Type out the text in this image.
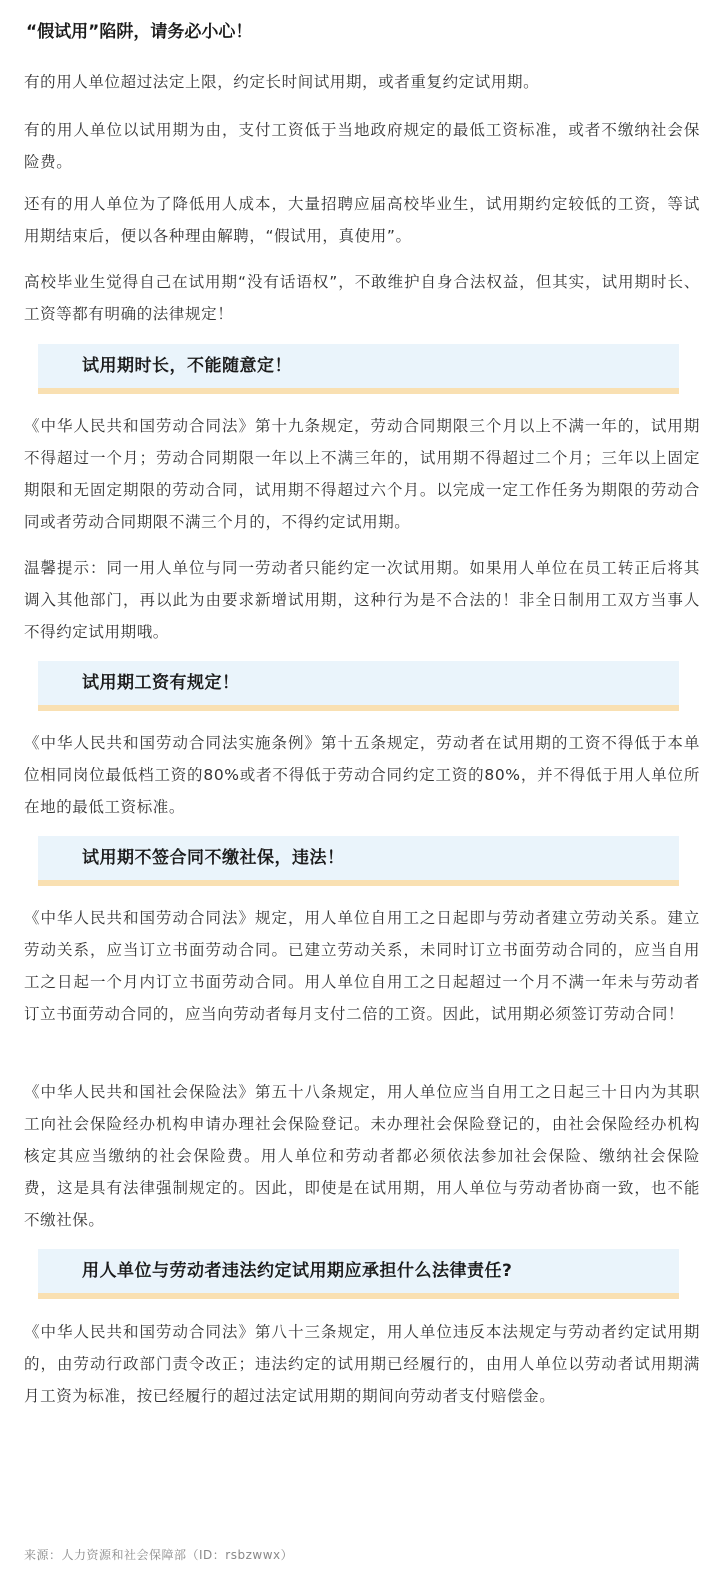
“假试用”陷阱，请务必小心！

有的用人单位超过法定上限，约定长时间试用期，或者重复约定试用期。

有的用人单位以试用期为由，支付工资低于当地政府规定的最低工资标准，或者不缴纳社会保险费。

还有的用人单位为了降低用人成本，大量招聘应届高校毕业生，试用期约定较低的工资，等试用期结束后，便以各种理由解聘，“假试用，真使用”。

高校毕业生觉得自己在试用期“没有话语权”，不敢维护自身合法权益，但其实，试用期时长、工资等都有明确的法律规定！

试用期时长，不能随意定！

《中华人民共和国劳动合同法》第十九条规定，劳动合同期限三个月以上不满一年的，试用期不得超过一个月；劳动合同期限一年以上不满三年的，试用期不得超过二个月；三年以上固定期限和无固定期限的劳动合同，试用期不得超过六个月。以完成一定工作任务为期限的劳动合同或者劳动合同期限不满三个月的，不得约定试用期。

温馨提示：同一用人单位与同一劳动者只能约定一次试用期。如果用人单位在员工转正后将其调入其他部门，再以此为由要求新增试用期，这种行为是不合法的！非全日制用工双方当事人不得约定试用期哦。

试用期工资有规定！

《中华人民共和国劳动合同法实施条例》第十五条规定，劳动者在试用期的工资不得低于本单位相同岗位最低档工资的80%或者不得低于劳动合同约定工资的80%，并不得低于用人单位所在地的最低工资标准。

试用期不签合同不缴社保，违法！

《中华人民共和国劳动合同法》规定，用人单位自用工之日起即与劳动者建立劳动关系。建立劳动关系，应当订立书面劳动合同。已建立劳动关系，未同时订立书面劳动合同的，应当自用工之日起一个月内订立书面劳动合同。用人单位自用工之日起超过一个月不满一年未与劳动者订立书面劳动合同的，应当向劳动者每月支付二倍的工资。因此，试用期必须签订劳动合同！

《中华人民共和国社会保险法》第五十八条规定，用人单位应当自用工之日起三十日内为其职工向社会保险经办机构申请办理社会保险登记。未办理社会保险登记的，由社会保险经办机构核定其应当缴纳的社会保险费。用人单位和劳动者都必须依法参加社会保险、缴纳社会保险费，这是具有法律强制规定的。因此，即使是在试用期，用人单位与劳动者协商一致，也不能不缴社保。

用人单位与劳动者违法约定试用期应承担什么法律责任?

《中华人民共和国劳动合同法》第八十三条规定，用人单位违反本法规定与劳动者约定试用期的，由劳动行政部门责令改正；违法约定的试用期已经履行的，由用人单位以劳动者试用期满月工资为标准，按已经履行的超过法定试用期的期间向劳动者支付赔偿金。

来源：人力资源和社会保障部（ID：rsbzwwx）
